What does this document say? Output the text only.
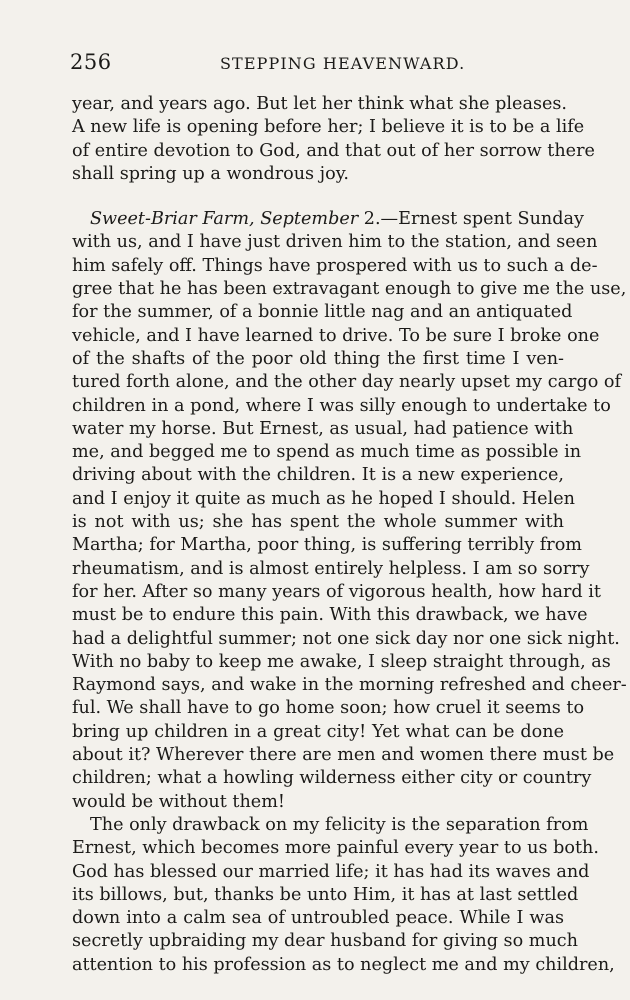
256	STEPPING HEAVENWARD.
year, and years ago. But let her think what she pleases.
A new life is opening before her; I believe it is to be a life
of entire devotion to God, and that out of her sorrow there
shall spring up a wondrous joy.
Sweet-Briar Farm, September 2.—Ernest spent Sunday
with us, and I have just driven him to the station, and seen
him safely off. Things have prospered with us to such a de-
gree that he has been extravagant enough to give me the use,
for the summer, of a bonnie little nag and an antiquated
vehicle, and I have learned to drive. To be sure I broke one
of the shafts of the poor old thing the first time I ven-
tured forth alone, and the other day nearly upset my cargo of
children in a pond, where I was silly enough to undertake to
water my horse. But Ernest, as usual, had patience with
me, and begged me to spend as much time as possible in
driving about with the children. It is a new experience,
and I enjoy it quite as much as he hoped I should. Helen
is not with us; she has spent the whole summer with
Martha; for Martha, poor thing, is suffering terribly from
rheumatism, and is almost entirely helpless. I am so sorry
for her. After so many years of vigorous health, how hard it
must be to endure this pain. With this drawback, we have
had a delightful summer; not one sick day nor one sick night.
With no baby to keep me awake, I sleep straight through, as
Raymond says, and wake in the morning refreshed and cheer-
ful. We shall have to go home soon; how cruel it seems to
bring up children in a great city! Yet what can be done
about it? Wherever there are men and women there must be
children; what a howling wilderness either city or country
would be without them!
The only drawback on my felicity is the separation from
Ernest, which becomes more painful every year to us both.
God has blessed our married life; it has had its waves and
its billows, but, thanks be unto Him, it has at last settled
down into a calm sea of untroubled peace. While I was
secretly upbraiding my dear husband for giving so much
attention to his profession as to neglect me and my children,
